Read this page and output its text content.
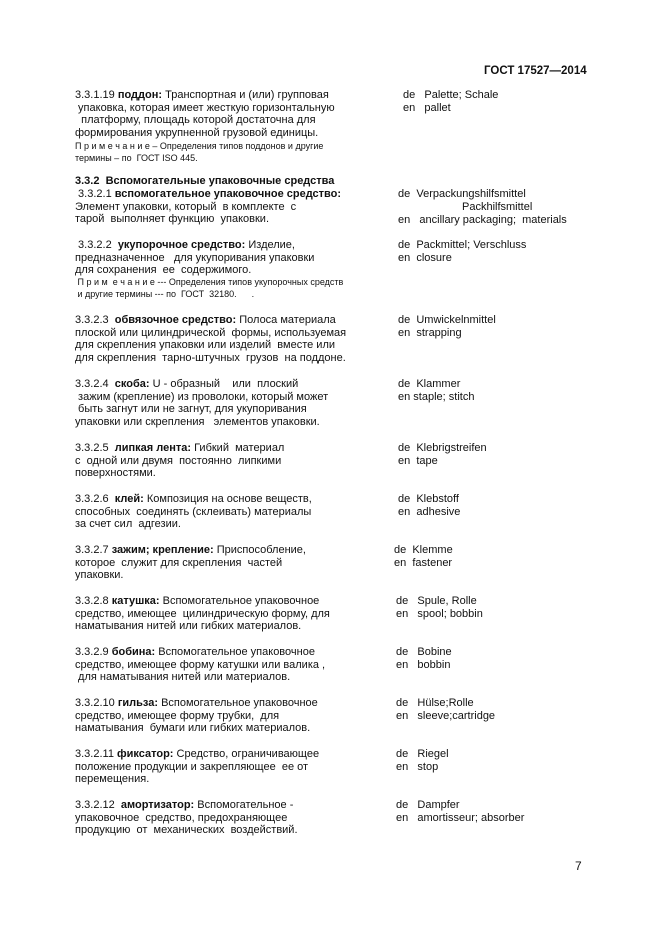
ГОСТ 17527—2014
3.3.1.19 поддон: Транспортная и (или) групповая
упаковка, которая имеет жесткую горизонтальную
платформу, площадь которой достаточна для
формирования укрупненной грузовой единицы.
П р и м е ч а н и е – Определения типов поддонов и другие
термины – по  ГОСТ ISO 445.
de   Palette; Schale
en   pallet
3.3.2  Вспомогательные упаковочные средства
3.3.2.1 вспомогательное упаковочное средство:
Элемент упаковки, который  в комплекте  с
тарой  выполняет функцию  упаковки.
de  Verpackungshilfsmittel
Packhilfsmittel
en   ancillary packaging;  materials
3.3.2.2  укупорочное средство: Изделие,
предназначенное   для укупоривания упаковки
для сохранения  ее  содержимого.
П р и м  е ч а н и е --- Определения типов укупорочных средств
и другие термины --- по  ГОСТ  32180.      .
de  Packmittel; Verschluss
en  closure
3.3.2.3  обвязочное средство: Полоса материала
плоской или цилиндрической  формы, используемая
для скрепления упаковки или изделий  вместе или
для скрепления  тарно-штучных  грузов  на поддоне.
de  Umwickelnmittel
en  strapping
3.3.2.4  скоба: U - образный    или  плоский
зажим (крепление) из проволоки, который может
быть загнут или не загнут, для укупоривания
упаковки или скрепления   элементов упаковки.
de  Klammer
en staple; stitch
3.3.2.5  липкая лента: Гибкий  материал
с  одной или двумя  постоянно  липкими
поверхностями.
de  Klebrigstreifen
en  tape
3.3.2.6  клей: Композиция на основе веществ,
способных  соединять (склеивать) материалы
за счет сил  адгезии.
de  Klebstoff
en  adhesive
3.3.2.7 зажим; крепление: Приспособление,
которое  служит для скрепления  частей
упаковки.
de  Klemme
en  fastener
3.3.2.8 катушка: Вспомогательное упаковочное
средство, имеющее  цилиндрическую форму, для
наматывания нитей или гибких материалов.
de   Spule, Rolle
en   spool; bobbin
3.3.2.9 бобина: Вспомогательное упаковочное
средство, имеющее форму катушки или валика ,
для наматывания нитей или материалов.
de   Bobine
en   bobbin
3.3.2.10 гильза: Вспомогательное упаковочное
средство, имеющее форму трубки,  для
наматывания  бумаги или гибких материалов.
de   Hülse;Rolle
en   sleeve;cartridge
3.3.2.11 фиксатор: Средство, ограничивающее
положение продукции и закрепляющее  ее от
перемещения.
de   Riegel
en   stop
3.3.2.12  амортизатор: Вспомогательное -
упаковочное  средство, предохраняющее
продукцию  от  механических  воздействий.
de   Dampfer
en   amortisseur; absorber
7
